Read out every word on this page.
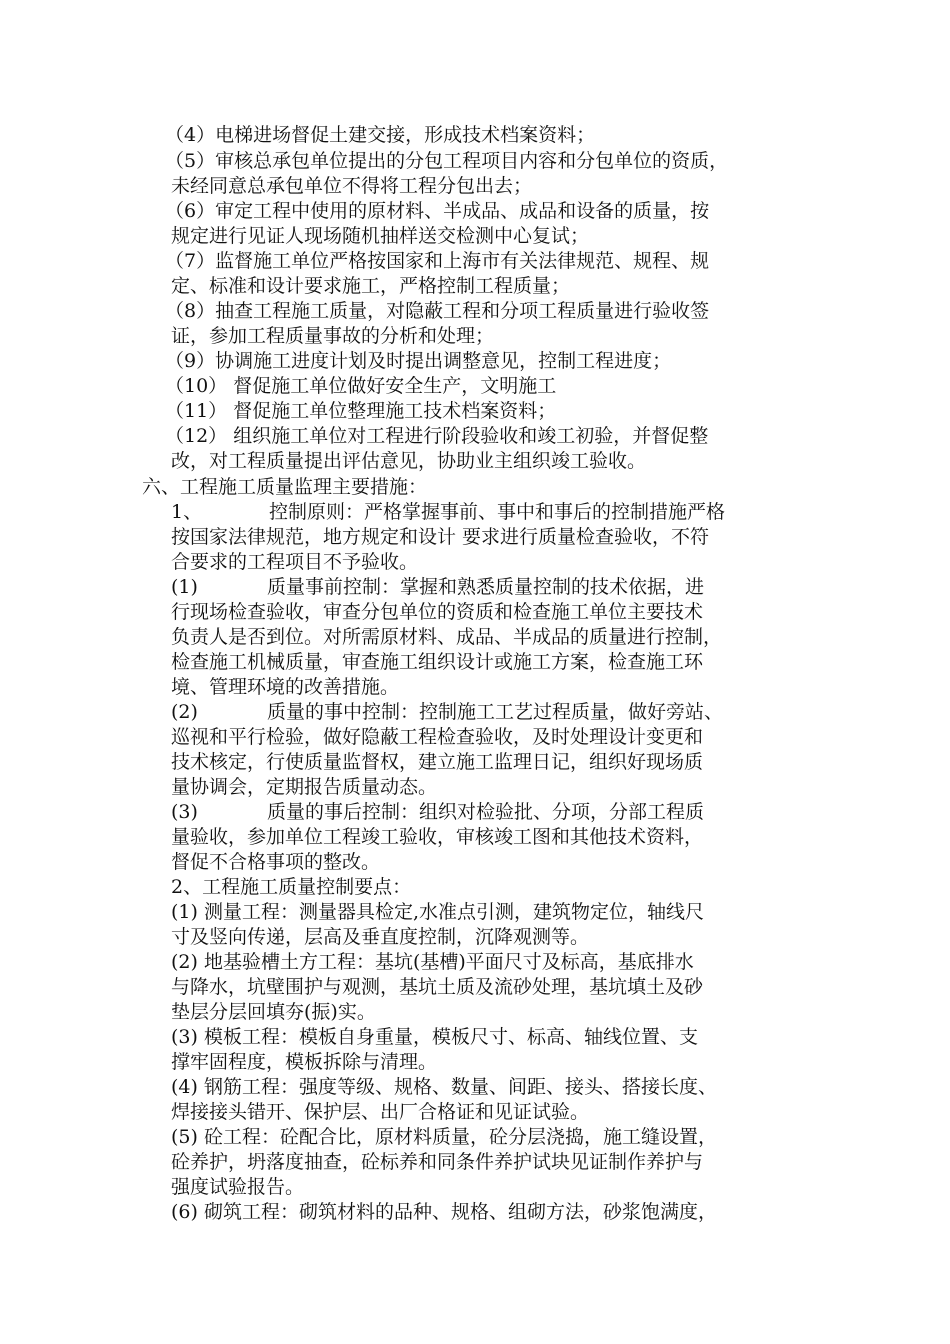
（4）电梯进场督促土建交接，形成技术档案资料；
（5）审核总承包单位提出的分包工程项目内容和分包单位的资质，
未经同意总承包单位不得将工程分包出去；
（6）审定工程中使用的原材料、半成品、成品和设备的质量，按
规定进行见证人现场随机抽样送交检测中心复试；
（7）监督施工单位严格按国家和上海市有关法律规范、规程、规
定、标准和设计要求施工，严格控制工程质量；
（8）抽查工程施工质量，对隐蔽工程和分项工程质量进行验收签
证，参加工程质量事故的分析和处理；
（9）协调施工进度计划及时提出调整意见，控制工程进度；
（10） 督促施工单位做好安全生产，文明施工
（11） 督促施工单位整理施工技术档案资料；
（12） 组织施工单位对工程进行阶段验收和竣工初验，并督促整
改，对工程质量提出评估意见，协助业主组织竣工验收。
六、工程施工质量监理主要措施：
1、	控制原则：严格掌握事前、事中和事后的控制措施严格
按国家法律规范，地方规定和设计 要求进行质量检查验收，不符
合要求的工程项目不予验收。
(1)	质量事前控制：掌握和熟悉质量控制的技术依据，进
行现场检查验收，审查分包单位的资质和检查施工单位主要技术
负责人是否到位。对所需原材料、成品、半成品的质量进行控制，
检查施工机械质量，审查施工组织设计或施工方案，检查施工环
境、管理环境的改善措施。
(2)	质量的事中控制：控制施工工艺过程质量，做好旁站、
巡视和平行检验，做好隐蔽工程检查验收，及时处理设计变更和
技术核定，行使质量监督权，建立施工监理日记，组织好现场质
量协调会，定期报告质量动态。
(3)	质量的事后控制：组织对检验批、分项，分部工程质
量验收，参加单位工程竣工验收，审核竣工图和其他技术资料，
督促不合格事项的整改。
2、工程施工质量控制要点：
(1) 测量工程：测量器具检定,水准点引测，建筑物定位，轴线尺
寸及竖向传递，层高及垂直度控制，沉降观测等。
(2) 地基验槽土方工程：基坑(基槽)平面尺寸及标高，基底排水
与降水，坑壁围护与观测，基坑土质及流砂处理，基坑填土及砂
垫层分层回填夯(振)实。
(3) 模板工程：模板自身重量，模板尺寸、标高、轴线位置、支
撑牢固程度，模板拆除与清理。
(4) 钢筋工程：强度等级、规格、数量、间距、接头、搭接长度、
焊接接头错开、保护层、出厂合格证和见证试验。
(5) 砼工程：砼配合比，原材料质量，砼分层浇捣，施工缝设置，
砼养护，坍落度抽查，砼标养和同条件养护试块见证制作养护与
强度试验报告。
(6) 砌筑工程：砌筑材料的品种、规格、组砌方法，砂浆饱满度，
